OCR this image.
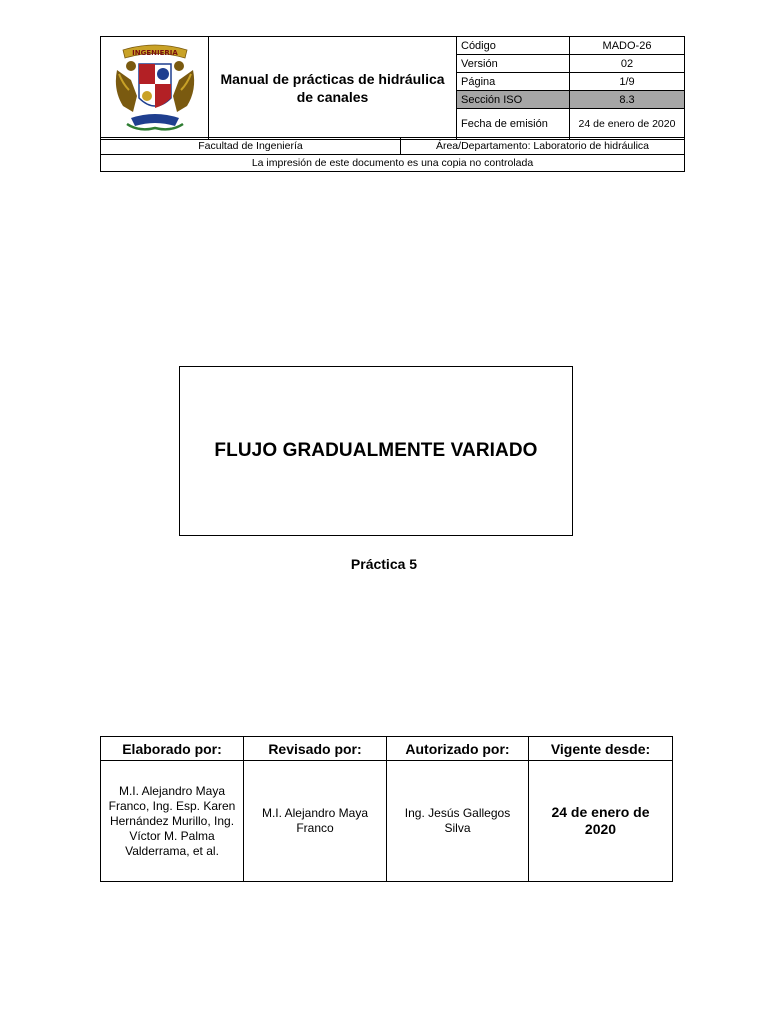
INGENIERIA	Manual de prácticas de hidráulica de canales	Código	MADO-26
		Versión	02
		Página	1/9
		Sección ISO	8.3
		Fecha de emisión	24 de enero de 2020
Facultad de Ingeniería	Área/Departamento: Laboratorio de hidráulica
La impresión de este documento es una copia no controlada
FLUJO GRADUALMENTE VARIADO
Práctica 5
Elaborado por:	Revisado por:	Autorizado por:	Vigente desde:
M.I. Alejandro Maya Franco, Ing. Esp. Karen Hernández Murillo, Ing. Víctor M. Palma Valderrama, et al.	M.I. Alejandro Maya Franco	Ing. Jesús Gallegos Silva	24 de enero de 2020
